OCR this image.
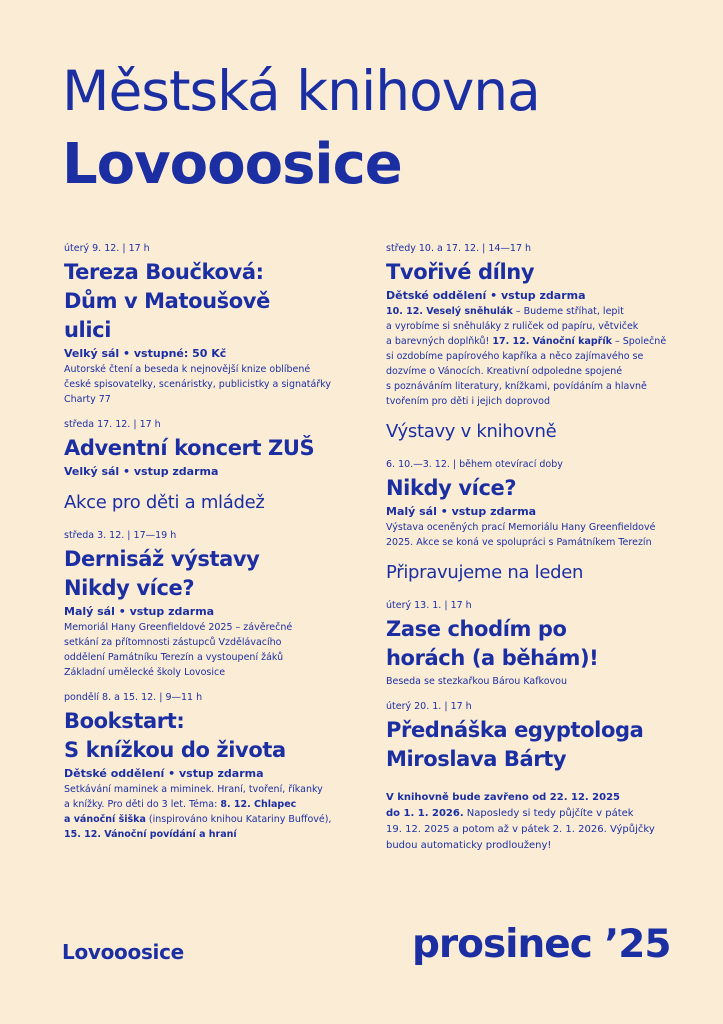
Městská knihovna
Lovooosice
úterý 9. 12. | 17 h
Tereza Boučková:
Dům v Matoušově
ulici
Velký sál • vstupné: 50 Kč
Autorské čtení a beseda k nejnovější knize oblíbené
české spisovatelky, scenáristky, publicistky a signatářky
Charty 77
středa 17. 12. | 17 h
Adventní koncert ZUŠ
Velký sál • vstup zdarma
Akce pro děti a mládež
středa 3. 12. | 17—19 h
Dernisáž výstavy
Nikdy více?
Malý sál • vstup zdarma
Memoriál Hany Greenfieldové 2025 – závěrečné
setkání za přítomnosti zástupců Vzdělávacího
oddělení Památníku Terezín a vystoupení žáků
Základní umělecké školy Lovosice
pondělí 8. a 15. 12. | 9—11 h
Bookstart:
S knížkou do života
Dětské oddělení • vstup zdarma
Setkávání maminek a miminek. Hraní, tvoření, říkanky
a knížky. Pro děti do 3 let. Téma: 8. 12. Chlapec
a vánoční šiška (inspirováno knihou Katariny Buffové),
15. 12. Vánoční povídání a hraní
středy 10. a 17. 12. | 14—17 h
Tvořivé dílny
Dětské oddělení • vstup zdarma
10. 12. Veselý sněhulák – Budeme stříhat, lepit
a vyrobíme si sněhuláky z ruliček od papíru, větviček
a barevných doplňků! 17. 12. Vánoční kapřík – Společně
si ozdobíme papírového kapříka a něco zajímavého se
dozvíme o Vánocích. Kreativní odpoledne spojené
s poznáváním literatury, knížkami, povídáním a hlavně
tvořením pro děti i jejich doprovod
Výstavy v knihovně
6. 10.—3. 12. | během otevírací doby
Nikdy více?
Malý sál • vstup zdarma
Výstava oceněných prací Memoriálu Hany Greenfieldové
2025. Akce se koná ve spolupráci s Památníkem Terezín
Připravujeme na leden
úterý 13. 1. | 17 h
Zase chodím po
horách (a běhám)!
Beseda se stezkařkou Bárou Kafkovou
úterý 20. 1. | 17 h
Přednáška egyptologa
Miroslava Bárty
V knihovně bude zavřeno od 22. 12. 2025
do 1. 1. 2026. Naposledy si tedy půjčíte v pátek
19. 12. 2025 a potom až v pátek 2. 1. 2026. Výpůjčky
budou automaticky prodlouženy!
Lovooosice	prosinec ’25
